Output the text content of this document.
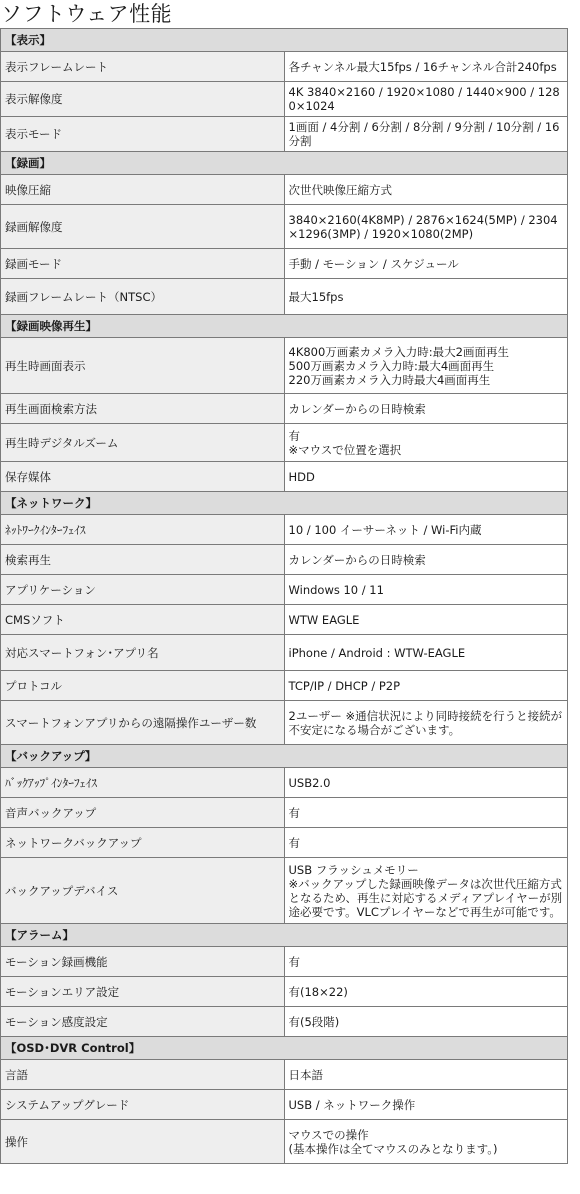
ソフトウェア性能
【表示】	
表示フレームレート	各チャンネル最大15fps / 16チャンネル合計240fps

表示解像度	4K 3840×2160 / 1920×1080 / 1440×900 / 1280×1024

表示モード	1画面 / 4分割 / 6分割 / 8分割 / 9分割 / 10分割 / 16分割

【録画】	
映像圧縮	次世代映像圧縮方式

録画解像度	3840×2160(4K8MP) / 2876×1624(5MP) / 2304×1296(3MP) / 1920×1080(2MP)

録画モード	手動 / モーション / スケジュール

録画フレームレート（NTSC）	最大15fps

【録画映像再生】	
再生時画面表示	4K800万画素カメラ入力時:最大2画面再生
500万画素カメラ入力時:最大4画面再生
220万画素カメラ入力時最大4画面再生

再生画面検索方法	カレンダーからの日時検索

再生時デジタルズーム	有
※マウスで位置を選択

保存媒体	HDD

【ネットワーク】	
ﾈｯﾄﾜｰｸｲﾝﾀｰﾌｪｲｽ	10 / 100 イーサーネット / Wi-Fi内蔵

検索再生	カレンダーからの日時検索

アプリケーション	Windows 10 / 11

CMSソフト	WTW EAGLE

対応スマートフォン･アプリ名	iPhone / Android : WTW-EAGLE

プロトコル	TCP/IP / DHCP / P2P

スマートフォンアプリからの遠隔操作ユーザー数	2ユーザー ※通信状況により同時接続を行うと接続が不安定になる場合がございます。

【バックアップ】	
ﾊﾞｯｸｱｯﾌﾟｲﾝﾀｰﾌｪｲｽ	USB2.0

音声バックアップ	有

ネットワークバックアップ	有

バックアップデバイス	USB フラッシュメモリー
※バックアップした録画映像データは次世代圧縮方式となるため、再生に対応するメディアプレイヤーが別途必要です。VLCプレイヤーなどで再生が可能です。

【アラーム】	
モーション録画機能	有

モーションエリア設定	有(18×22)

モーション感度設定	有(5段階)

【OSD･DVR Control】	
言語	日本語

システムアップグレード	USB / ネットワーク操作

操作	マウスでの操作
(基本操作は全てマウスのみとなります。)
